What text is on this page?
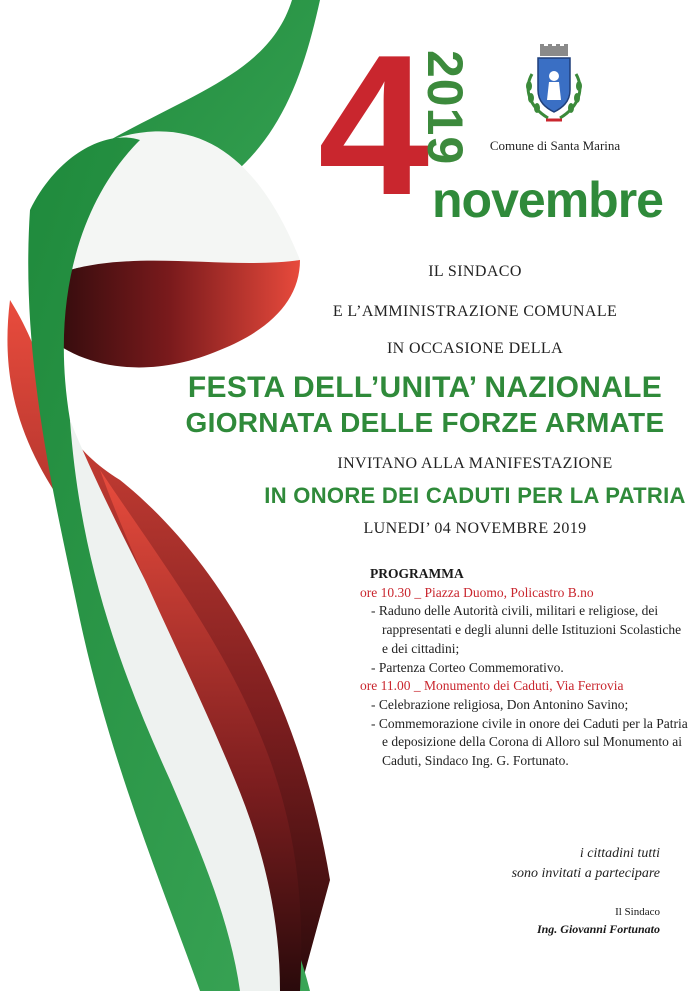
4
2019
novembre
Comune di Santa Marina
IL SINDACO
E L’AMMINISTRAZIONE COMUNALE
IN OCCASIONE DELLA
FESTA DELL’UNITA’ NAZIONALE
GIORNATA DELLE FORZE ARMATE
INVITANO ALLA MANIFESTAZIONE
IN ONORE DEI CADUTI PER LA PATRIA
LUNEDI’ 04 NOVEMBRE 2019
PROGRAMMA
ore 10.30 _ Piazza Duomo, Policastro B.no
- Raduno delle Autorità civili, militari e religiose, dei rappresentati e degli alunni delle Istituzioni Scolastiche e dei cittadini;
- Partenza Corteo Commemorativo.
ore 11.00 _ Monumento dei Caduti, Via Ferrovia
- Celebrazione religiosa, Don Antonino Savino;
- Commemorazione civile in onore dei Caduti per la Patria e deposizione della Corona di Alloro sul Monumento ai Caduti, Sindaco Ing. G. Fortunato.
i cittadini tutti
sono invitati a partecipare
Il Sindaco
Ing. Giovanni Fortunato
